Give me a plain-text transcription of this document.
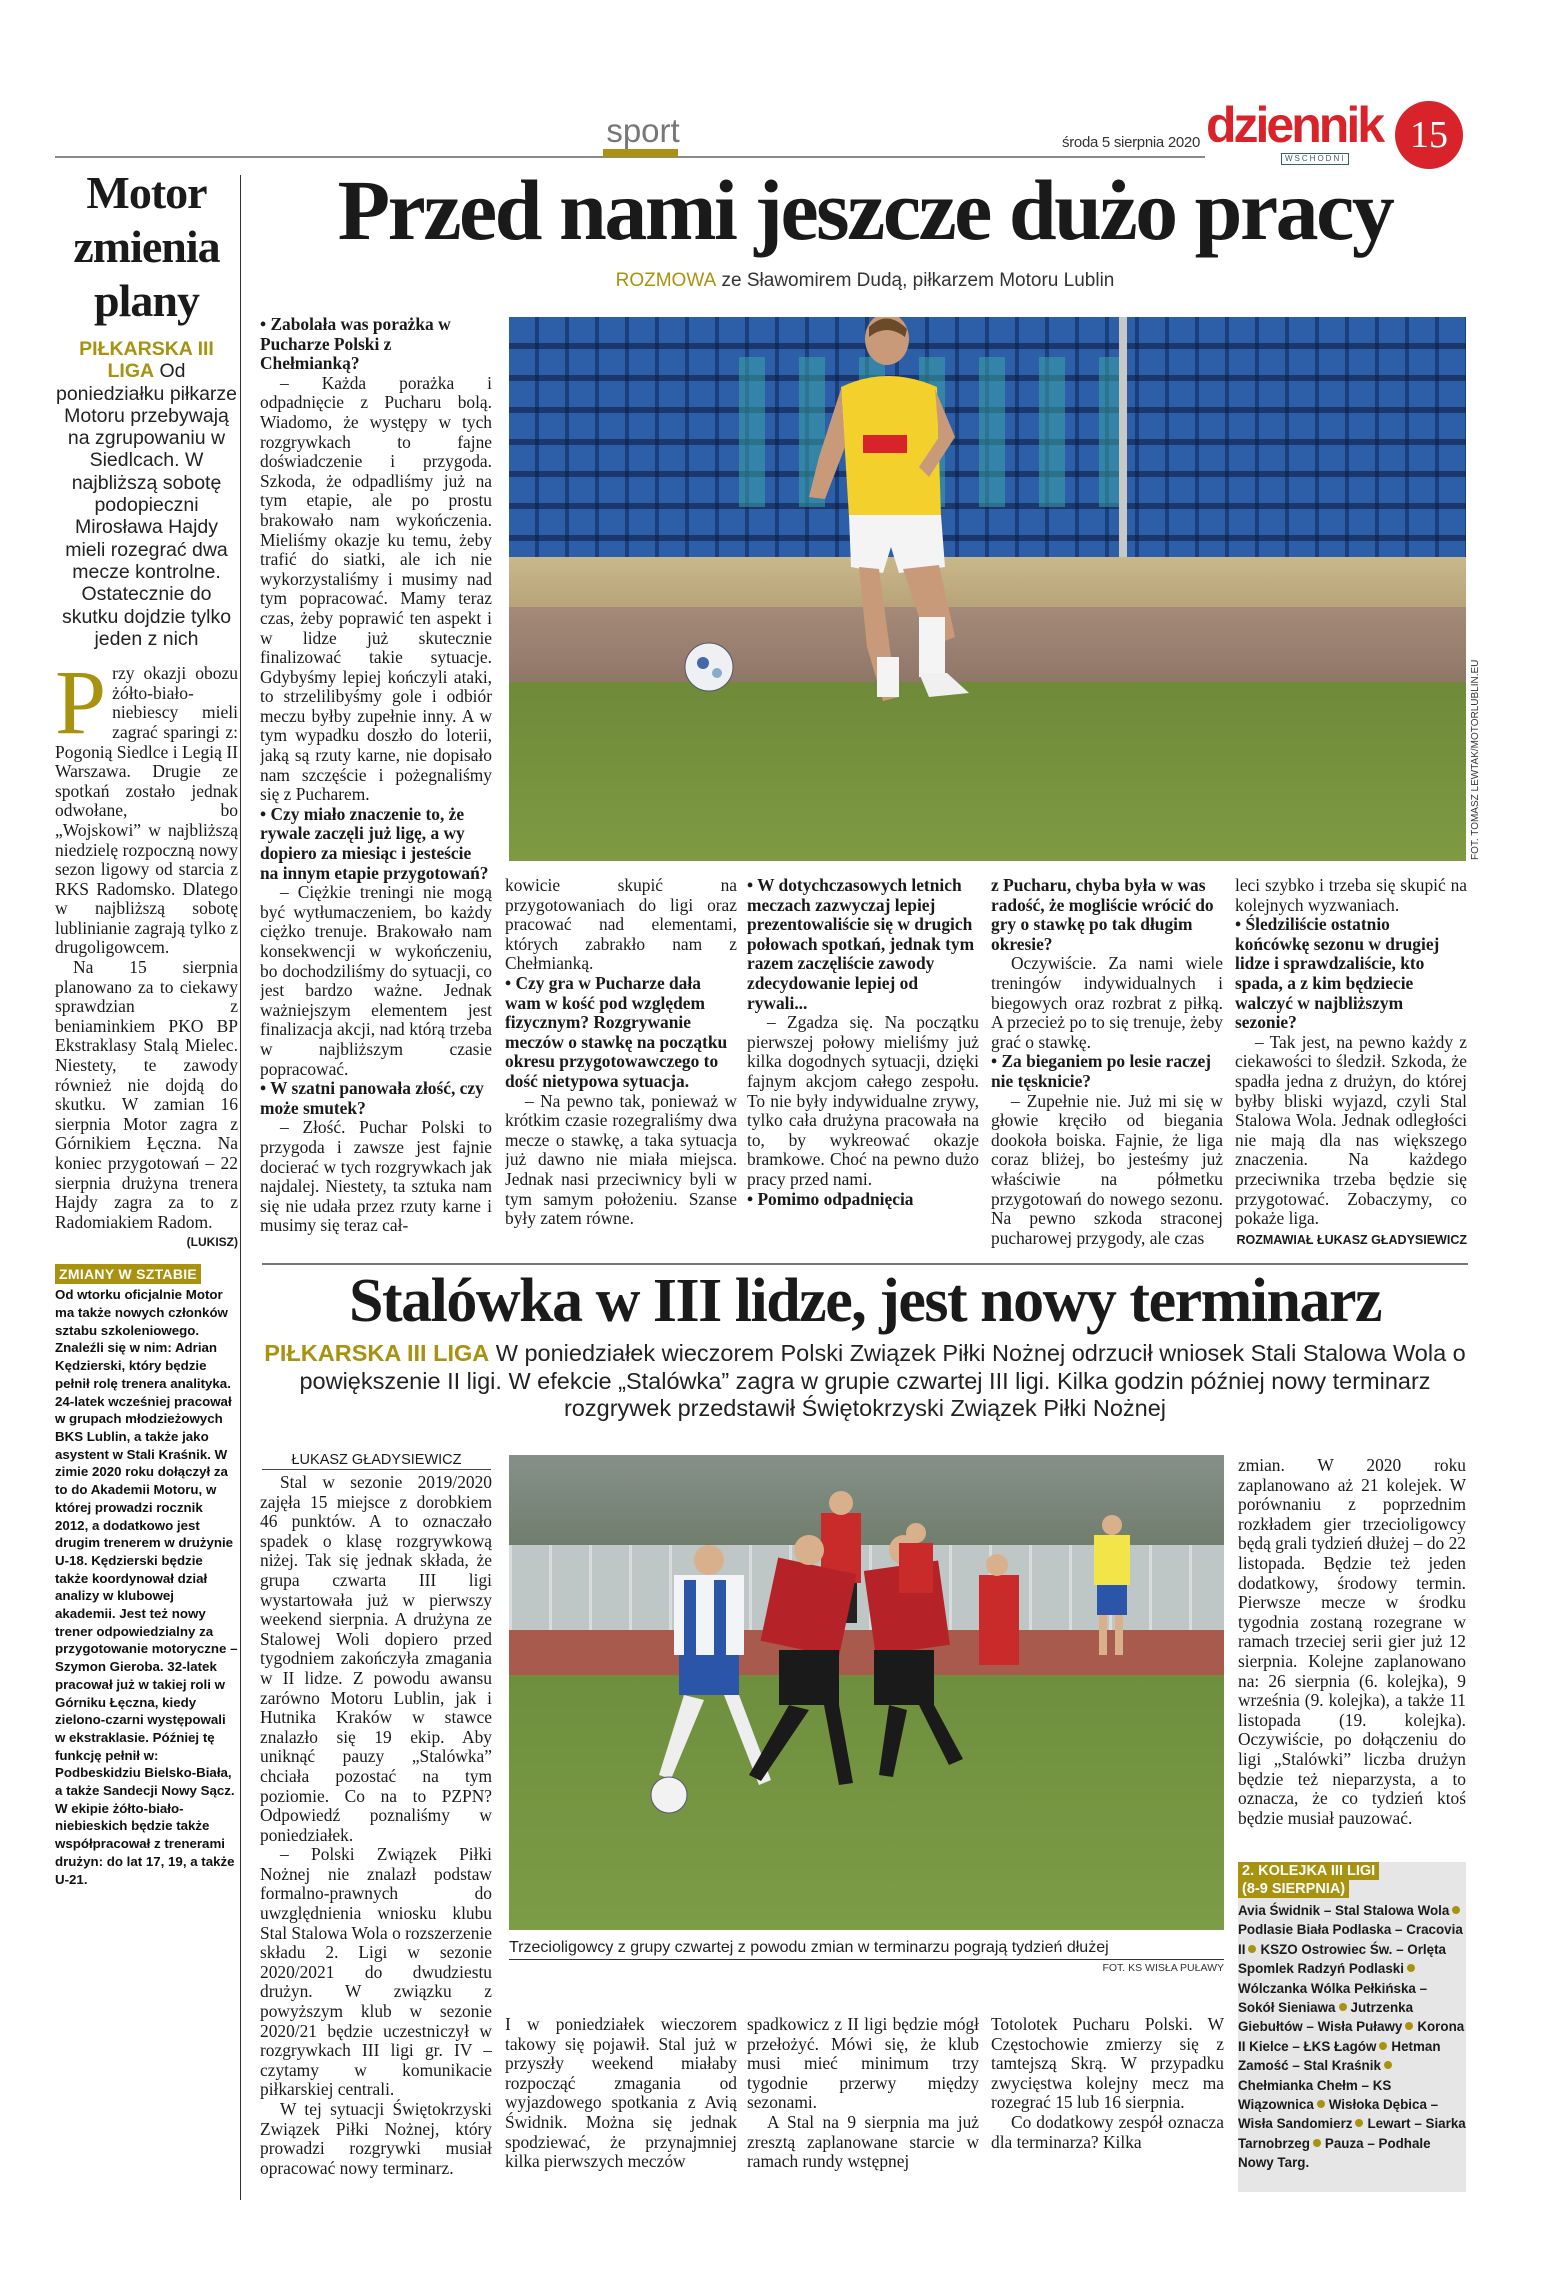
sport	środa 5 sierpnia 2020 dziennik
WSCHODNI
15
Motor zmienia plany
PIŁKARSKA III LIGA Od poniedziałku piłkarze Motoru przebywają na zgrupowaniu w Siedlcach. W najbliższą sobotę podopieczni Mirosława Hajdy mieli rozegrać dwa mecze kontrolne. Ostatecznie do skutku dojdzie tylko jeden z nich
P rzy okazji obozu żółto-biało-niebiescy mieli zagrać sparingi z: Pogonią Siedlce i Legią II Warszawa. Drugie ze spotkań zostało jednak odwołane, bo „Wojskowi” w najbliższą niedzielę rozpoczną nowy sezon ligowy od starcia z RKS Radomsko. Dlatego w najbliższą sobotę lublinianie zagrają tylko z drugoligowcem.

Na 15 sierpnia planowano za to ciekawy sprawdzian z beniaminkiem PKO BP Ekstraklasy Stalą Mielec. Niestety, te zawody również nie dojdą do skutku. W zamian 16 sierpnia Motor zagra z Górnikiem Łęczna. Na koniec przygotowań – 22 sierpnia drużyna trenera Hajdy zagra za to z Radomiakiem Radom.

(LUKISZ)
ZMIANY W SZTABIE
Od wtorku oficjalnie Motor ma także nowych członków sztabu szkoleniowego. Znaleźli się w nim: Adrian Kędzierski, który będzie pełnił rolę trenera analityka. 24-latek wcześniej pracował w grupach młodzieżowych BKS Lublin, a także jako asystent w Stali Kraśnik. W zimie 2020 roku dołączył za to do Akademii Motoru, w której prowadzi rocznik 2012, a dodatkowo jest drugim trenerem w drużynie U-18. Kędzierski będzie także koordynował dział analizy w klubowej akademii. Jest też nowy trener odpowiedzialny za przygotowanie motoryczne – Szymon Gieroba. 32-latek pracował już w takiej roli w Górniku Łęczna, kiedy zielono-czarni występowali w ekstraklasie. Później tę funkcję pełnił w: Podbeskidziu Bielsko-Biała, a także Sandecji Nowy Sącz. W ekipie żółto-biało-niebieskich będzie także współpracował z trenerami drużyn: do lat 17, 19, a także U-21.
Przed nami jeszcze dużo pracy
ROZMOWA ze Sławomirem Dudą, piłkarzem Motoru Lublin
FOT. TOMASZ LEWTAK/MOTORLUBLIN.EU

• Zabolała was porażka w Pucharze Polski z Chełmianką?

– Każda porażka i odpadnięcie z Pucharu bolą. Wiadomo, że występy w tych rozgrywkach to fajne doświadczenie i przygoda. Szkoda, że odpadliśmy już na tym etapie, ale po prostu brakowało nam wykończenia. Mieliśmy okazje ku temu, żeby trafić do siatki, ale ich nie wykorzystaliśmy i musimy nad tym popracować. Mamy teraz czas, żeby poprawić ten aspekt i w lidze już skutecznie finalizować takie sytuacje. Gdybyśmy lepiej kończyli ataki, to strzelilibyśmy gole i odbiór meczu byłby zupełnie inny. A w tym wypadku doszło do loterii, jaką są rzuty karne, nie dopisało nam szczęście i pożegnaliśmy się z Pucharem.

• Czy miało znaczenie to, że rywale zaczęli już ligę, a wy dopiero za miesiąc i jesteście na innym etapie przygotowań?

– Ciężkie treningi nie mogą być wytłumaczeniem, bo każdy ciężko trenuje. Brakowało nam konsekwencji w wykończeniu, bo dochodziliśmy do sytuacji, co jest bardzo ważne. Jednak ważniejszym elementem jest finalizacja akcji, nad którą trzeba w najbliższym czasie popracować.

• W szatni panowała złość, czy może smutek?

– Złość. Puchar Polski to przygoda i zawsze jest fajnie docierać w tych rozgrywkach jak najdalej. Niestety, ta sztuka nam się nie udała przez rzuty karne i musimy się teraz cał-

kowicie skupić na przygotowaniach do ligi oraz pracować nad elementami, których zabrakło nam z Chełmianką.

• Czy gra w Pucharze dała wam w kość pod względem fizycznym? Rozgrywanie meczów o stawkę na początku okresu przygotowawczego to dość nietypowa sytuacja.

– Na pewno tak, ponieważ w krótkim czasie rozegraliśmy dwa mecze o stawkę, a taka sytuacja już dawno nie miała miejsca. Jednak nasi przeciwnicy byli w tym samym położeniu. Szanse były zatem równe.

• W dotychczasowych letnich meczach zazwyczaj lepiej prezentowaliście się w drugich połowach spotkań, jednak tym razem zaczęliście zawody zdecydowanie lepiej od rywali...

– Zgadza się. Na początku pierwszej połowy mieliśmy już kilka dogodnych sytuacji, dzięki fajnym akcjom całego zespołu. To nie były indywidualne zrywy, tylko cała drużyna pracowała na to, by wykreować okazje bramkowe. Choć na pewno dużo pracy przed nami.

• Pomimo odpadnięcia

z Pucharu, chyba była w was radość, że mogliście wrócić do gry o stawkę po tak długim okresie?

Oczywiście. Za nami wiele treningów indywidualnych i biegowych oraz rozbrat z piłką. A przecież po to się trenuje, żeby grać o stawkę.

• Za bieganiem po lesie raczej nie tęsknicie?

– Zupełnie nie. Już mi się w głowie kręciło od biegania dookoła boiska. Fajnie, że liga coraz bliżej, bo jesteśmy już właściwie na półmetku przygotowań do nowego sezonu. Na pewno szkoda straconej pucharowej przygody, ale czas

leci szybko i trzeba się skupić na kolejnych wyzwaniach.

• Śledziliście ostatnio końcówkę sezonu w drugiej lidze i sprawdzaliście, kto spada, a z kim będziecie walczyć w najbliższym sezonie?

– Tak jest, na pewno każdy z ciekawości to śledził. Szkoda, że spadła jedna z drużyn, do której byłby bliski wyjazd, czyli Stal Stalowa Wola. Jednak odległości nie mają dla nas większego znaczenia. Na każdego przeciwnika trzeba będzie się przygotować. Zobaczymy, co pokaże liga.

ROZMAWIAŁ ŁUKASZ GŁADYSIEWICZ
Stalówka w III lidze, jest nowy terminarz
PIŁKARSKA III LIGA W poniedziałek wieczorem Polski Związek Piłki Nożnej odrzucił wniosek Stali Stalowa Wola o powiększenie II ligi. W efekcie „Stalówka” zagra w grupie czwartej III ligi. Kilka godzin później nowy terminarz rozgrywek przedstawił Świętokrzyski Związek Piłki Nożnej
ŁUKASZ GŁADYSIEWICZ

Stal w sezonie 2019/2020 zajęła 15 miejsce z dorobkiem 46 punktów. A to oznaczało spadek o klasę rozgrywkową niżej. Tak się jednak składa, że grupa czwarta III ligi wystartowała już w pierwszy weekend sierpnia. A drużyna ze Stalowej Woli dopiero przed tygodniem zakończyła zmagania w II lidze. Z powodu awansu zarówno Motoru Lublin, jak i Hutnika Kraków w stawce znalazło się 19 ekip. Aby uniknąć pauzy „Stalówka” chciała pozostać na tym poziomie. Co na to PZPN? Odpowiedź poznaliśmy w poniedziałek.

– Polski Związek Piłki Nożnej nie znalazł podstaw formalno-prawnych do uwzględnienia wniosku klubu Stal Stalowa Wola o rozszerzenie składu 2. Ligi w sezonie 2020/2021 do dwudziestu drużyn. W związku z powyższym klub w sezonie 2020/21 będzie uczestniczył w rozgrywkach III ligi gr. IV – czytamy w komunikacie piłkarskiej centrali.

W tej sytuacji Świętokrzyski Związek Piłki Nożnej, który prowadzi rozgrywki musiał opracować nowy terminarz.

Trzecioligowcy z grupy czwartej z powodu zmian w terminarzu pograją tydzień dłużej
FOT. KS WISŁA PUŁAWY

I w poniedziałek wieczorem takowy się pojawił. Stal już w przyszły weekend miałaby rozpocząć zmagania od wyjazdowego spotkania z Avią Świdnik. Można się jednak spodziewać, że przynajmniej kilka pierwszych meczów

spadkowicz z II ligi będzie mógł przełożyć. Mówi się, że klub musi mieć minimum trzy tygodnie przerwy między sezonami.

A Stal na 9 sierpnia ma już zresztą zaplanowane starcie w ramach rundy wstępnej

Totolotek Pucharu Polski. W Częstochowie zmierzy się z tamtejszą Skrą. W przypadku zwycięstwa kolejny mecz ma rozegrać 15 lub 16 sierpnia.

Co dodatkowy zespół oznacza dla terminarza? Kilka

zmian. W 2020 roku zaplanowano aż 21 kolejek. W porównaniu z poprzednim rozkładem gier trzecioligowcy będą grali tydzień dłużej – do 22 listopada. Będzie też jeden dodatkowy, środowy termin. Pierwsze mecze w środku tygodnia zostaną rozegrane w ramach trzeciej serii gier już 12 sierpnia. Kolejne zaplanowano na: 26 sierpnia (6. kolejka), 9 września (9. kolejka), a także 11 listopada (19. kolejka). Oczywiście, po dołączeniu do ligi „Stalówki” liczba drużyn będzie też nieparzysta, a to oznacza, że co tydzień ktoś będzie musiał pauzować.

2. KOLEJKA III LIGI
(8-9 SIERPNIA)
Avia Świdnik – Stal Stalowa WolaPodlasie Biała Podlaska – Cracovia II KSZO Ostrowiec Św. – Orlęta Spomlek Radzyń PodlaskiWólczanka Wólka Pełkińska – Sokół Sieniawa Jutrzenka Giebułtów – Wisła Puławy Korona II Kielce – ŁKS Łagów Hetman Zamość – Stal KraśnikChełmianka Chełm – KS Wiązownica Wisłoka Dębica – Wisła Sandomierz Lewart – Siarka Tarnobrzeg Pauza – Podhale Nowy Targ.
